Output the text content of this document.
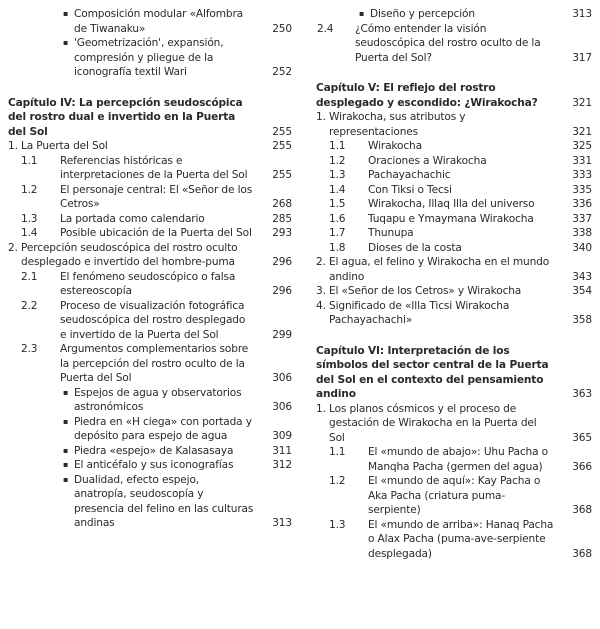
▪ Composición modular «Alfombra de Tiwanaku»	250
▪ 'Geometrización', expansión, compresión y pliegue de la iconografía textil Wari	252
Capítulo IV: La percepción seudoscópica del rostro dual e invertido en la Puerta del Sol	255
1. La Puerta del Sol	255
1.1 Referencias históricas e interpretaciones de la Puerta del Sol 255
1.2 El personaje central: El «Señor de los Cetros»	268
1.3 La portada como calendario	285
1.4 Posible ubicación de la Puerta del Sol 293
2. Percepción seudoscópica del rostro oculto desplegado e invertido del hombre-puma	296
2.1 El fenómeno seudoscópico o falsa estereoscopía	296
2.2 Proceso de visualización fotográfica seudoscópica del rostro desplegado e invertido de la Puerta del Sol	299
2.3 Argumentos complementarios sobre la percepción del rostro oculto de la Puerta del Sol	306
▪ Espejos de agua y observatorios astronómicos	306
▪ Piedra en «H ciega» con portada y depósito para espejo de agua	309
▪ Piedra «espejo» de Kalasasaya	311
▪ El anticéfalo y sus iconografías	312
▪ Dualidad, efecto espejo, anatropía, seudoscopía y presencia del felino en las culturas andinas	313
▪ Diseño y percepción	313
2.4 ¿Cómo entender la visión seudoscópica del rostro oculto de la Puerta del Sol?	317
Capítulo V: El reflejo del rostro desplegado y escondido: ¿Wirakocha?	321
1. Wirakocha, sus atributos y representaciones	321
1.1 Wirakocha	325
1.2 Oraciones a Wirakocha	331
1.3 Pachayachachic	333
1.4 Con Tiksi o Tecsi	335
1.5 Wirakocha, Illaq Illa del universo	336
1.6 Tuqapu e Ymaymana Wirakocha	337
1.7 Thunupa	338
1.8 Dioses de la costa	340
2. El agua, el felino y Wirakocha en el mundo andino	343
3. El «Señor de los Cetros» y Wirakocha	354
4. Significado de «Illa Ticsi Wirakocha Pachayachachi»	358
Capítulo VI: Interpretación de los símbolos del sector central de la Puerta del Sol en el contexto del pensamiento andino	363
1. Los planos cósmicos y el proceso de gestación de Wirakocha en la Puerta del Sol	365
1.1 El «mundo de abajo»: Uhu Pacha o Manqha Pacha (germen del agua)	366
1.2 El «mundo de aquí»: Kay Pacha o Aka Pacha (criatura puma-serpiente)	368
1.3 El «mundo de arriba»: Hanaq Pacha o Alax Pacha (puma-ave-serpiente desplegada)	368
